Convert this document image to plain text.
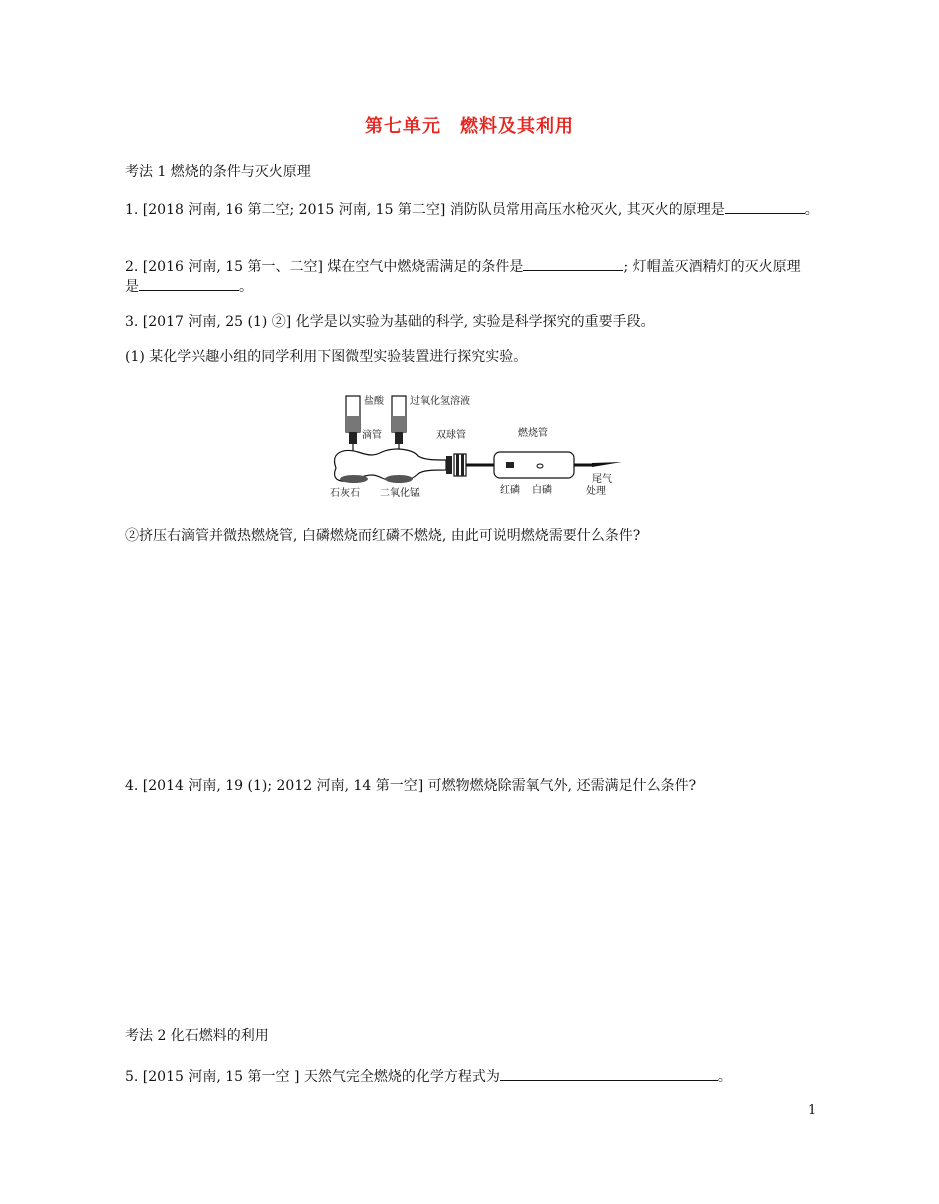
第七单元　燃料及其利用
考法 1 燃烧的条件与灭火原理
1. [2018 河南, 16 第二空; 2015 河南, 15 第二空] 消防队员常用高压水枪灭火, 其灭火的原理是	。
2. [2016 河南, 15 第一、二空] 煤在空气中燃烧需满足的条件是	; 灯帽盖灭酒精灯的灭火原理
是	。
3. [2017 河南, 25 (1) ②] 化学是以实验为基础的科学, 实验是科学探究的重要手段。
(1) 某化学兴趣小组的同学利用下图微型实验装置进行探究实验。
盐酸	过氧化氢溶液
滴管	双球管	燃烧管
石灰石 二氧化锰	红磷 白磷
尾气
处理
②挤压右滴管并微热燃烧管, 白磷燃烧而红磷不燃烧, 由此可说明燃烧需要什么条件?
4. [2014 河南, 19 (1); 2012 河南, 14 第一空] 可燃物燃烧除需氧气外, 还需满足什么条件?
考法 2 化石燃料的利用
5. [2015 河南, 15 第一空 ] 天然气完全燃烧的化学方程式为	。
1
